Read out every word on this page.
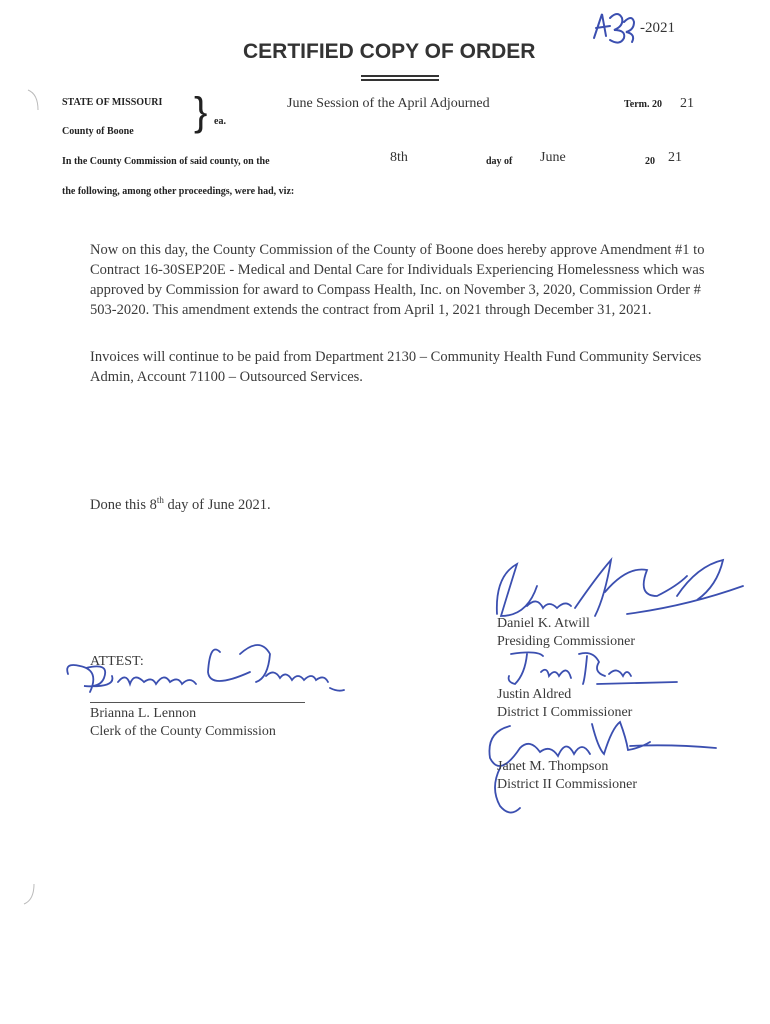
-2021
CERTIFIED COPY OF ORDER
STATE OF MISSOURI } ea.
County of Boone
June Session of the April Adjourned	Term. 20 21
In the County Commission of said county, on the	8th	day of June	20 21
the following, among other proceedings, were had, viz:
Now on this day, the County Commission of the County of Boone does hereby approve Amendment #1 to Contract 16-30SEP20E - Medical and Dental Care for Individuals Experiencing Homelessness which was approved by Commission for award to Compass Health, Inc. on November 3, 2020, Commission Order # 503-2020. This amendment extends the contract from April 1, 2021 through December 31, 2021.
Invoices will continue to be paid from Department 2130 – Community Health Fund Community Services Admin, Account 71100 – Outsourced Services.
Done this 8th day of June 2021.
ATTEST:
Brianna L. Lennon
Clerk of the County Commission
Daniel K. Atwill
Presiding Commissioner
Justin Aldred
District I Commissioner
Janet M. Thompson
District II Commissioner
